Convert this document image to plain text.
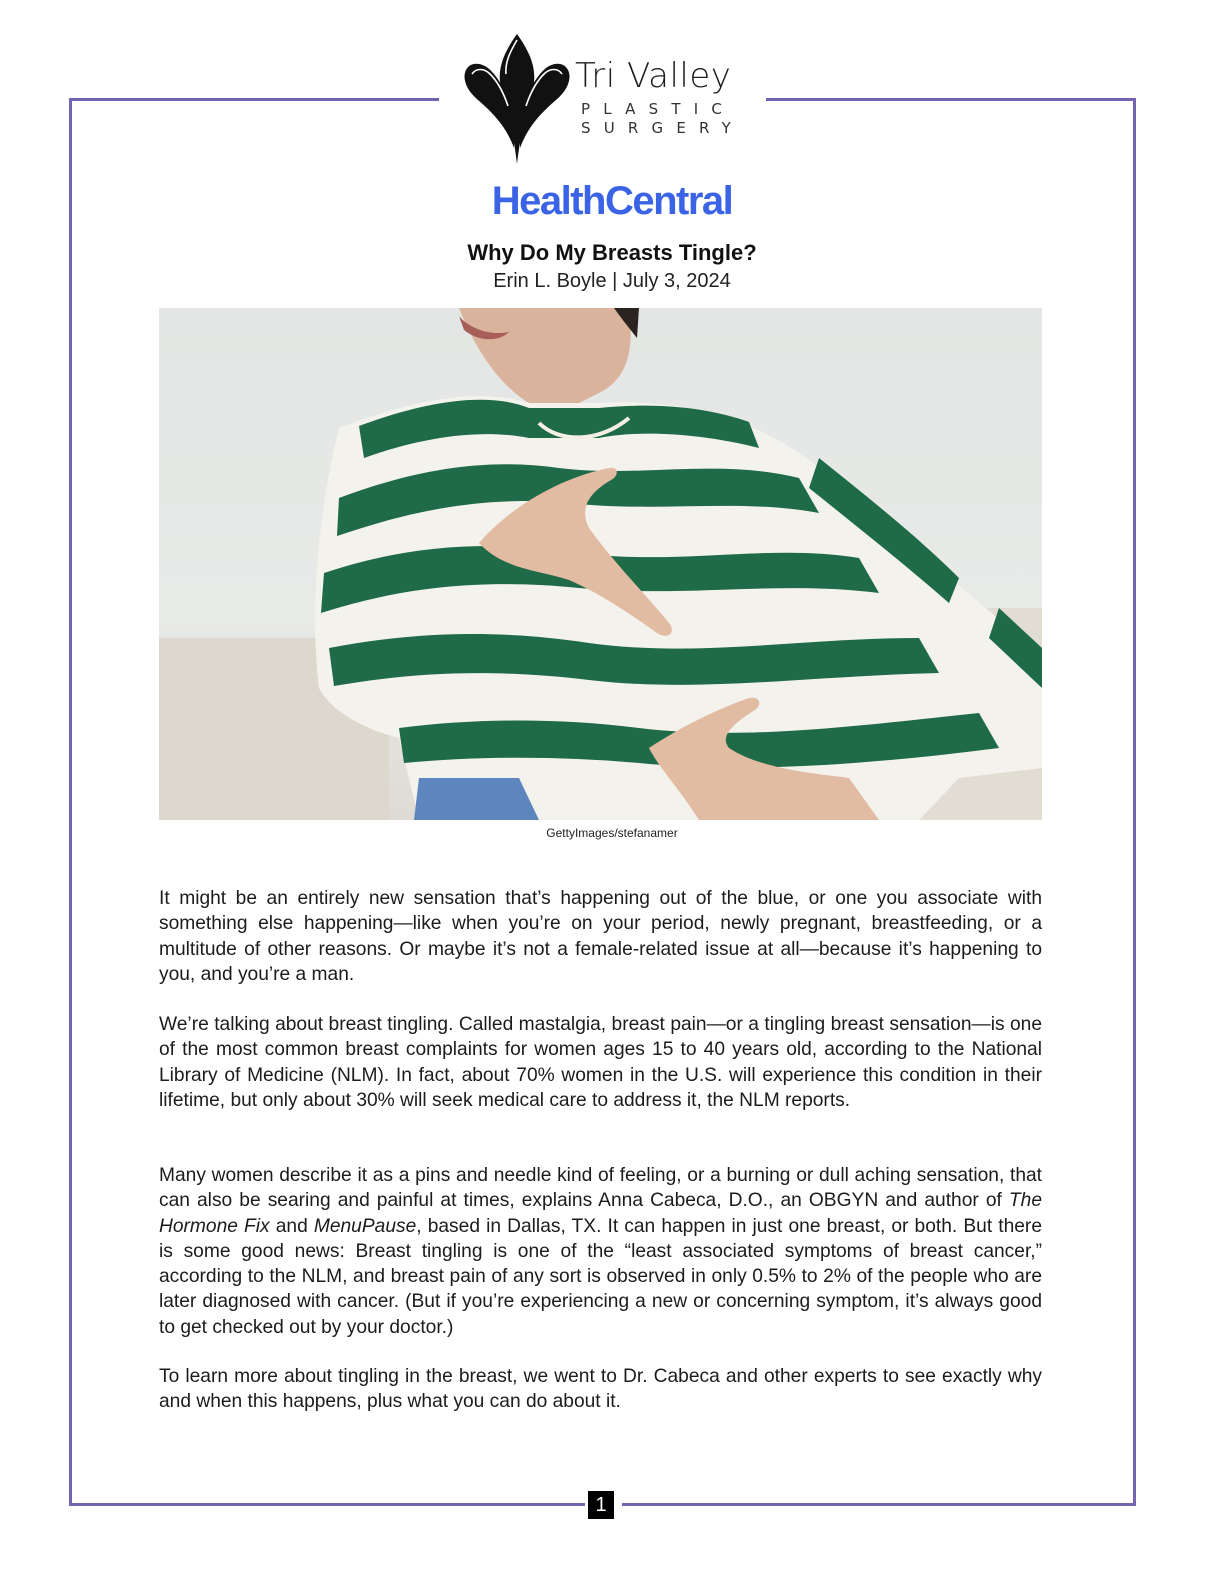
Tri Valley
PLASTIC
SURGERY
HealthCentral
Why Do My Breasts Tingle?
Erin L. Boyle | July 3, 2024
GettyImages/stefanamer

It might be an entirely new sensation that’s happening out of the blue, or one you associate with something else happening—like when you’re on your period, newly pregnant, breastfeeding, or a multitude of other reasons. Or maybe it’s not a female-related issue at all—because it’s happening to you, and you’re a man.

We’re talking about breast tingling. Called mastalgia, breast pain—or a tingling breast sensation—is one of the most common breast complaints for women ages 15 to 40 years old, according to the National Library of Medicine (NLM). In fact, about 70% women in the U.S. will experience this condition in their lifetime, but only about 30% will seek medical care to address it, the NLM reports.

Many women describe it as a pins and needle kind of feeling, or a burning or dull aching sensation, that can also be searing and painful at times, explains Anna Cabeca, D.O., an OBGYN and author of The Hormone Fix and MenuPause, based in Dallas, TX. It can happen in just one breast, or both. But there is some good news: Breast tingling is one of the “least associated symptoms of breast cancer,” according to the NLM, and breast pain of any sort is observed in only 0.5% to 2% of the people who are later diagnosed with cancer. (But if you’re experiencing a new or concerning symptom, it’s always good to get checked out by your doctor.)

To learn more about tingling in the breast, we went to Dr. Cabeca and other experts to see exactly why and when this happens, plus what you can do about it.

1
